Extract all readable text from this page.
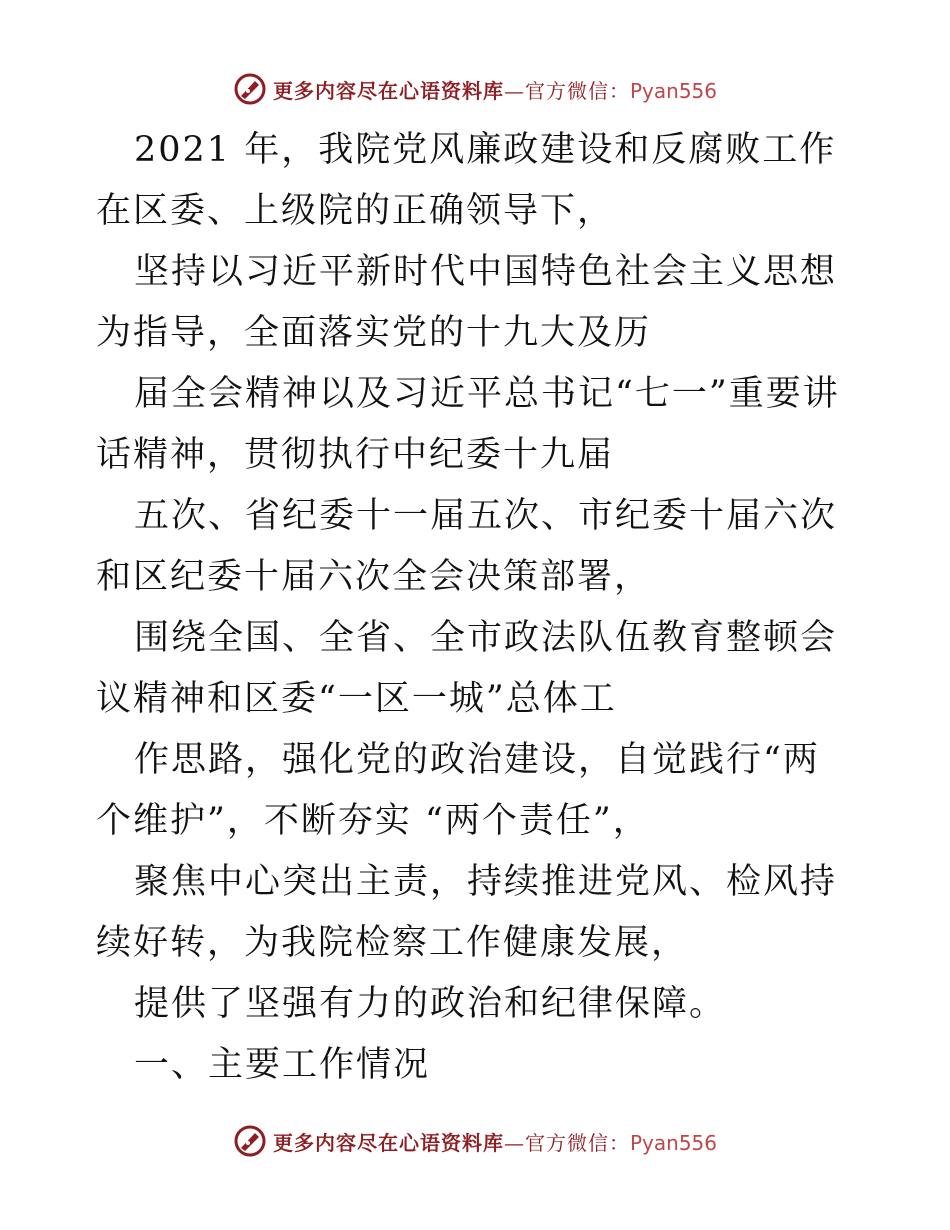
更多内容尽在心语资料库—官方微信：Pyan556

2021 年，我院党风廉政建设和反腐败工作在区委、上级院的正确领导下，

坚持以习近平新时代中国特色社会主义思想为指导，全面落实党的十九大及历

届全会精神以及习近平总书记“七一”重要讲话精神，贯彻执行中纪委十九届

五次、省纪委十一届五次、市纪委十届六次和区纪委十届六次全会决策部署，

围绕全国、全省、全市政法队伍教育整顿会议精神和区委“一区一城”总体工

作思路，强化党的政治建设，自觉践行“两个维护”，不断夯实 “两个责任”，

聚焦中心突出主责，持续推进党风、检风持续好转，为我院检察工作健康发展，

提供了坚强有力的政治和纪律保障。

一、主要工作情况

更多内容尽在心语资料库—官方微信：Pyan556
